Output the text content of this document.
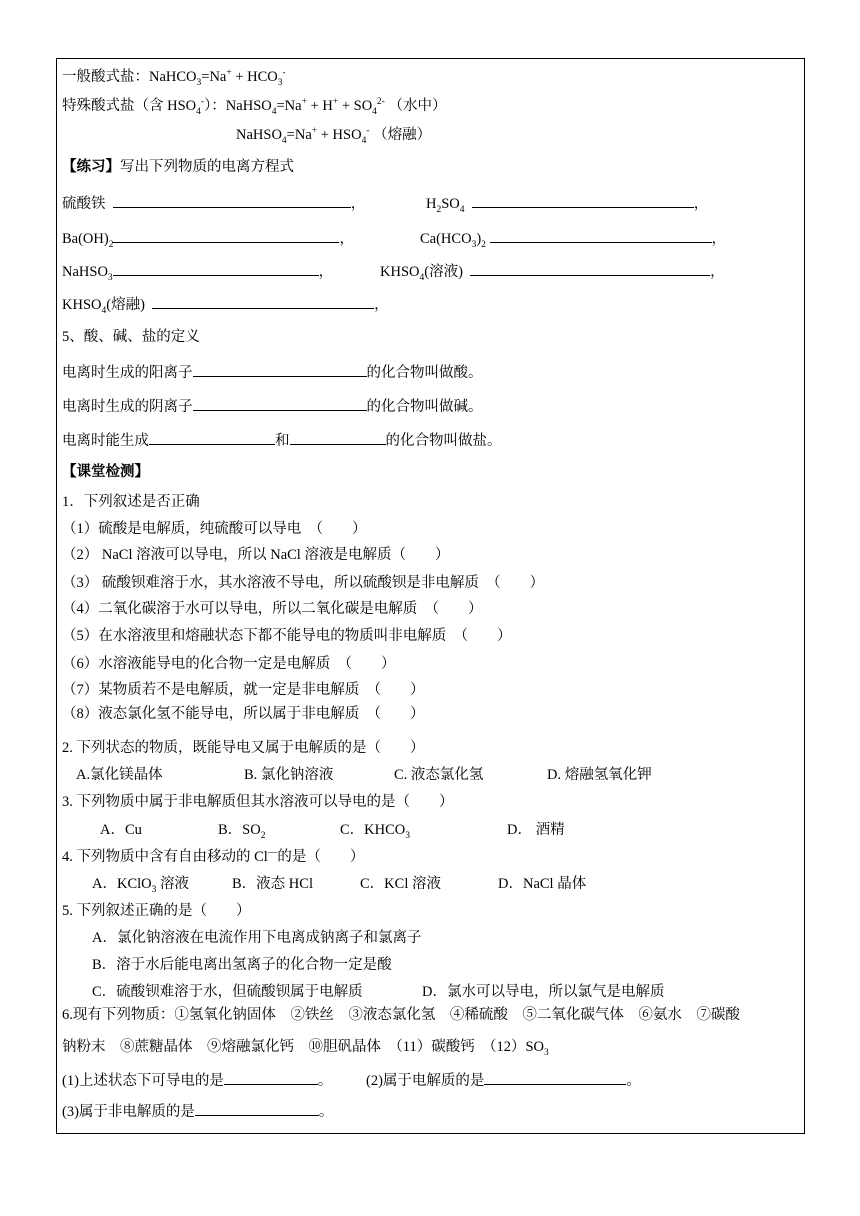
一般酸式盐：NaHCO$_3$=Na+ + $HCO_3^-$
特殊酸式盐（含 $HSO_4^-$）：NaHSO$_4$=Na+ + $H^+ + SO_4^{2-}$ （水中）
NaHSO$_4$=Na+ + $HSO_4^-$ （熔融）
【练习】写出下列物质的电离方程式
硫酸铁	，	$H_2SO_4$	，
$Ba(OH)_2$	，	$Ca(HCO_3)_2$	，
NaHSO$_3$	，	$KHSO_4$(溶液)	，
$KHSO_4$(熔融)	，
5、酸、碱、盐的定义
电离时生成的阳离子	的化合物叫做酸。
电离时生成的阴离子	的化合物叫做碱。
电离时能生成	和	的化合物叫做盐。
【课堂检测】
1．下列叙述是否正确
（1）硫酸是电解质，纯硫酸可以导电　（　　）
（2） NaCl 溶液可以导电，所以 NaCl 溶液是电解质（　　）
（3） 硫酸钡难溶于水，其水溶液不导电，所以硫酸钡是非电解质　（　　）
（4）二氧化碳溶于水可以导电，所以二氧化碳是电解质　（　　）
（5）在水溶液里和熔融状态下都不能导电的物质叫非电解质　（　　）
（6）水溶液能导电的化合物一定是电解质　（　　）
（7）某物质若不是电解质，就一定是非电解质　（　　）
（8）液态氯化氢不能导电，所以属于非电解质　（　　）
2. 下列状态的物质，既能导电又属于电解质的是（　　）
A.氯化镁晶体	B. 氯化钠溶液	C. 液态氯化氢	D. 熔融氢氧化钾
3. 下列物质中属于非电解质但其水溶液可以导电的是（　　）
A．Cu	B．$SO_2$	C．$KHCO_3$	D． 酒精
4. 下列物质中含有自由移动的 Cl—的是（　　）
A．KClO$_3$ 溶液	B．液态 HCl	C．KCl 溶液	D．NaCl 晶体
5. 下列叙述正确的是（　　）
A．氯化钠溶液在电流作用下电离成钠离子和氯离子
B．溶于水后能电离出氢离子的化合物一定是酸
C．硫酸钡难溶于水，但硫酸钡属于电解质	D．氯水可以导电，所以氯气是电解质
6.现有下列物质：①氢氧化钠固体　②铁丝　③液态氯化氢　④稀硫酸　⑤二氧化碳气体　⑥氨水　⑦碳酸
钠粉末　⑧蔗糖晶体　⑨熔融氯化钙　⑩胆矾晶体　（11）碳酸钙　$(12)SO_3$
(1)上述状态下可导电的是	。 (2)属于电解质的是	。
(3)属于非电解质的是	。
